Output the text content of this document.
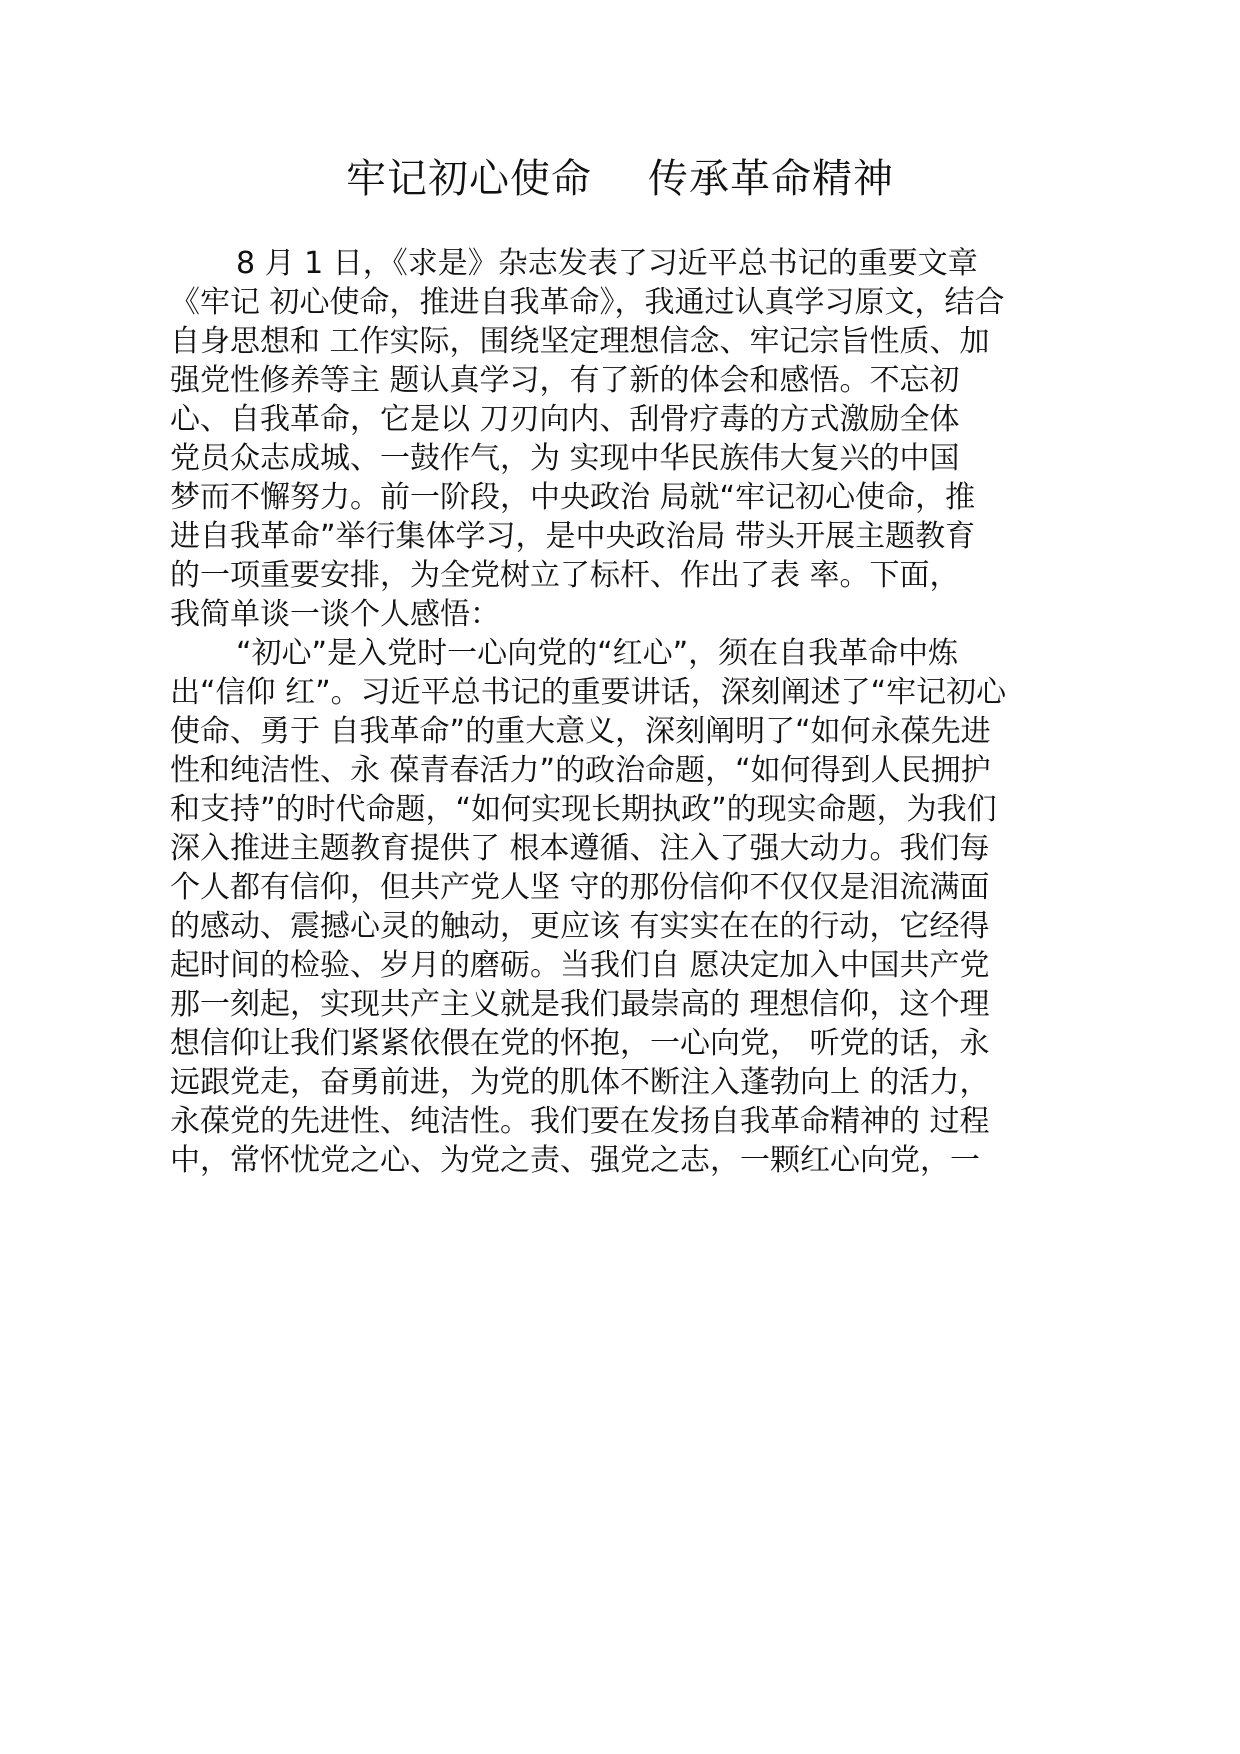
牢记初心使命 传承革命精神
8 月 1 日，《求是》杂志发表了习近平总书记的重要文章
《牢记 初心使命，推进自我革命》，我通过认真学习原文，结合
自身思想和 工作实际，围绕坚定理想信念、牢记宗旨性质、加
强党性修养等主 题认真学习，有了新的体会和感悟。不忘初
心、自我革命，它是以 刀刃向内、刮骨疗毒的方式激励全体
党员众志成城、一鼓作气，为 实现中华民族伟大复兴的中国
梦而不懈努力。前一阶段，中央政治 局就“牢记初心使命，推
进自我革命”举行集体学习，是中央政治局 带头开展主题教育
的一项重要安排，为全党树立了标杆、作出了表 率。下面，
我简单谈一谈个人感悟：
“初心”是入党时一心向党的“红心”，须在自我革命中炼
出“信仰 红”。习近平总书记的重要讲话，深刻阐述了“牢记初心
使命、勇于 自我革命”的重大意义，深刻阐明了“如何永葆先进
性和纯洁性、永 葆青春活力”的政治命题，“如何得到人民拥护
和支持”的时代命题，“如何实现长期执政”的现实命题，为我们
深入推进主题教育提供了 根本遵循、注入了强大动力。我们每
个人都有信仰，但共产党人坚 守的那份信仰不仅仅是泪流满面
的感动、震撼心灵的触动，更应该 有实实在在的行动，它经得
起时间的检验、岁月的磨砺。当我们自 愿决定加入中国共产党
那一刻起，实现共产主义就是我们最崇高的 理想信仰，这个理
想信仰让我们紧紧依偎在党的怀抱，一心向党， 听党的话，永
远跟党走，奋勇前进，为党的肌体不断注入蓬勃向上 的活力，
永葆党的先进性、纯洁性。我们要在发扬自我革命精神的 过程
中，常怀忧党之心、为党之责、强党之志，一颗红心向党，一
